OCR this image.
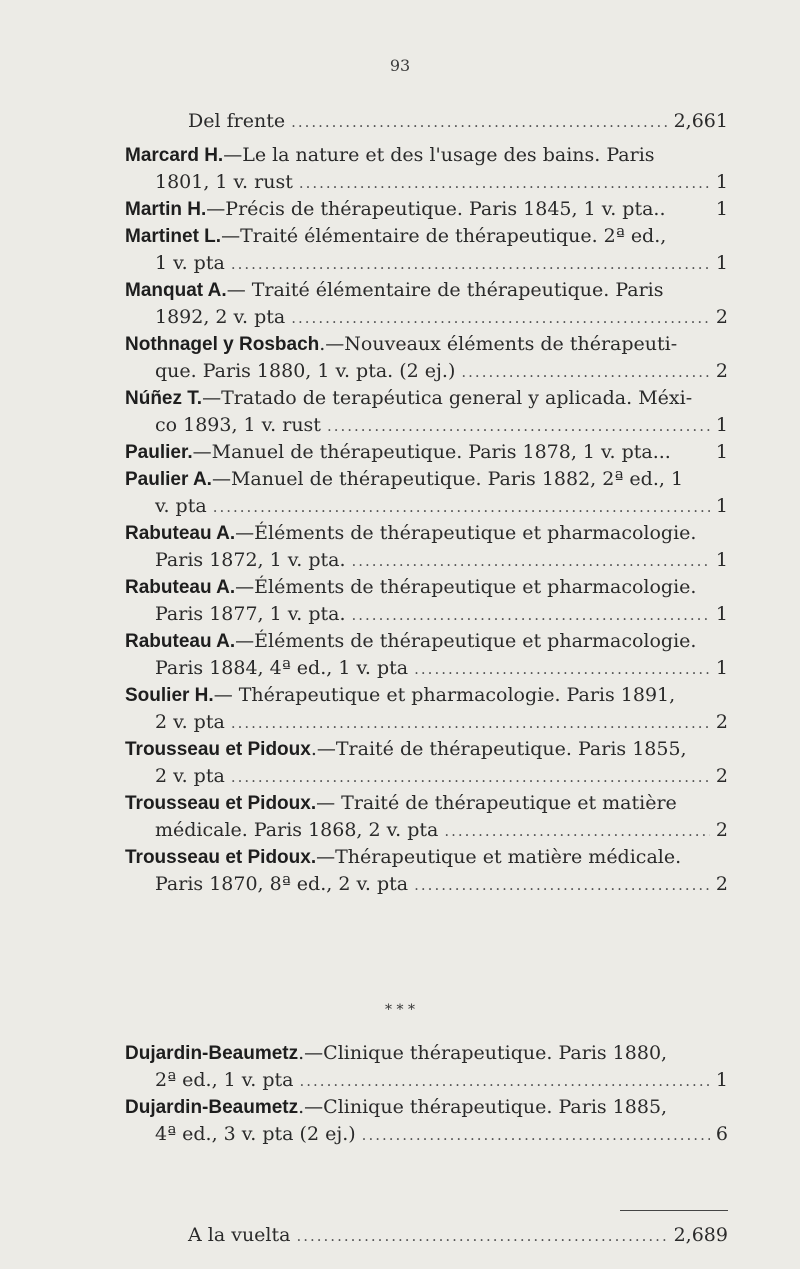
93
Del frente .....	2,661
Marcard H.—Le la nature et des l'usage des bains. Paris
1801, 1 v. rust .....	1
Martin H.—Précis de thérapeutique. Paris 1845, 1 v. pta..	1
Martinet L.—Traité élémentaire de thérapeutique. 2ª ed.,
1 v. pta .....	1
Manquat A.— Traité élémentaire de thérapeutique. Paris
1892, 2 v. pta .....	2
Nothnagel y Rosbach.—Nouveaux éléments de thérapeuti-
que. Paris 1880, 1 v. pta. (2 ej.) .....	2
Núñez T.—Tratado de terapéutica general y aplicada. Méxi-
co 1893, 1 v. rust .....	1
Paulier.—Manuel de thérapeutique. Paris 1878, 1 v. pta...	1
Paulier A.—Manuel de thérapeutique. Paris 1882, 2ª ed., 1
v. pta .....	1
Rabuteau A.—Éléments de thérapeutique et pharmacologie.
Paris 1872, 1 v. pta. .....	1
Rabuteau A.—Éléments de thérapeutique et pharmacologie.
Paris 1877, 1 v. pta. .....	1
Rabuteau A.—Éléments de thérapeutique et pharmacologie.
Paris 1884, 4ª ed., 1 v. pta .....	1
Soulier H.— Thérapeutique et pharmacologie. Paris 1891,
2 v. pta .....	2
Trousseau et Pidoux.—Traité de thérapeutique. Paris 1855,
2 v. pta .....	2
Trousseau et Pidoux.— Traité de thérapeutique et matière
médicale. Paris 1868, 2 v. pta .....	2
Trousseau et Pidoux.—Thérapeutique et matière médicale.
Paris 1870, 8ª ed., 2 v. pta .....	2
* * *
Dujardin-Beaumetz.—Clinique thérapeutique. Paris 1880,
2ª ed., 1 v. pta .....	1
Dujardin-Beaumetz.—Clinique thérapeutique. Paris 1885,
4ª ed., 3 v. pta (2 ej.) .....	6
A la vuelta .....	2,689
